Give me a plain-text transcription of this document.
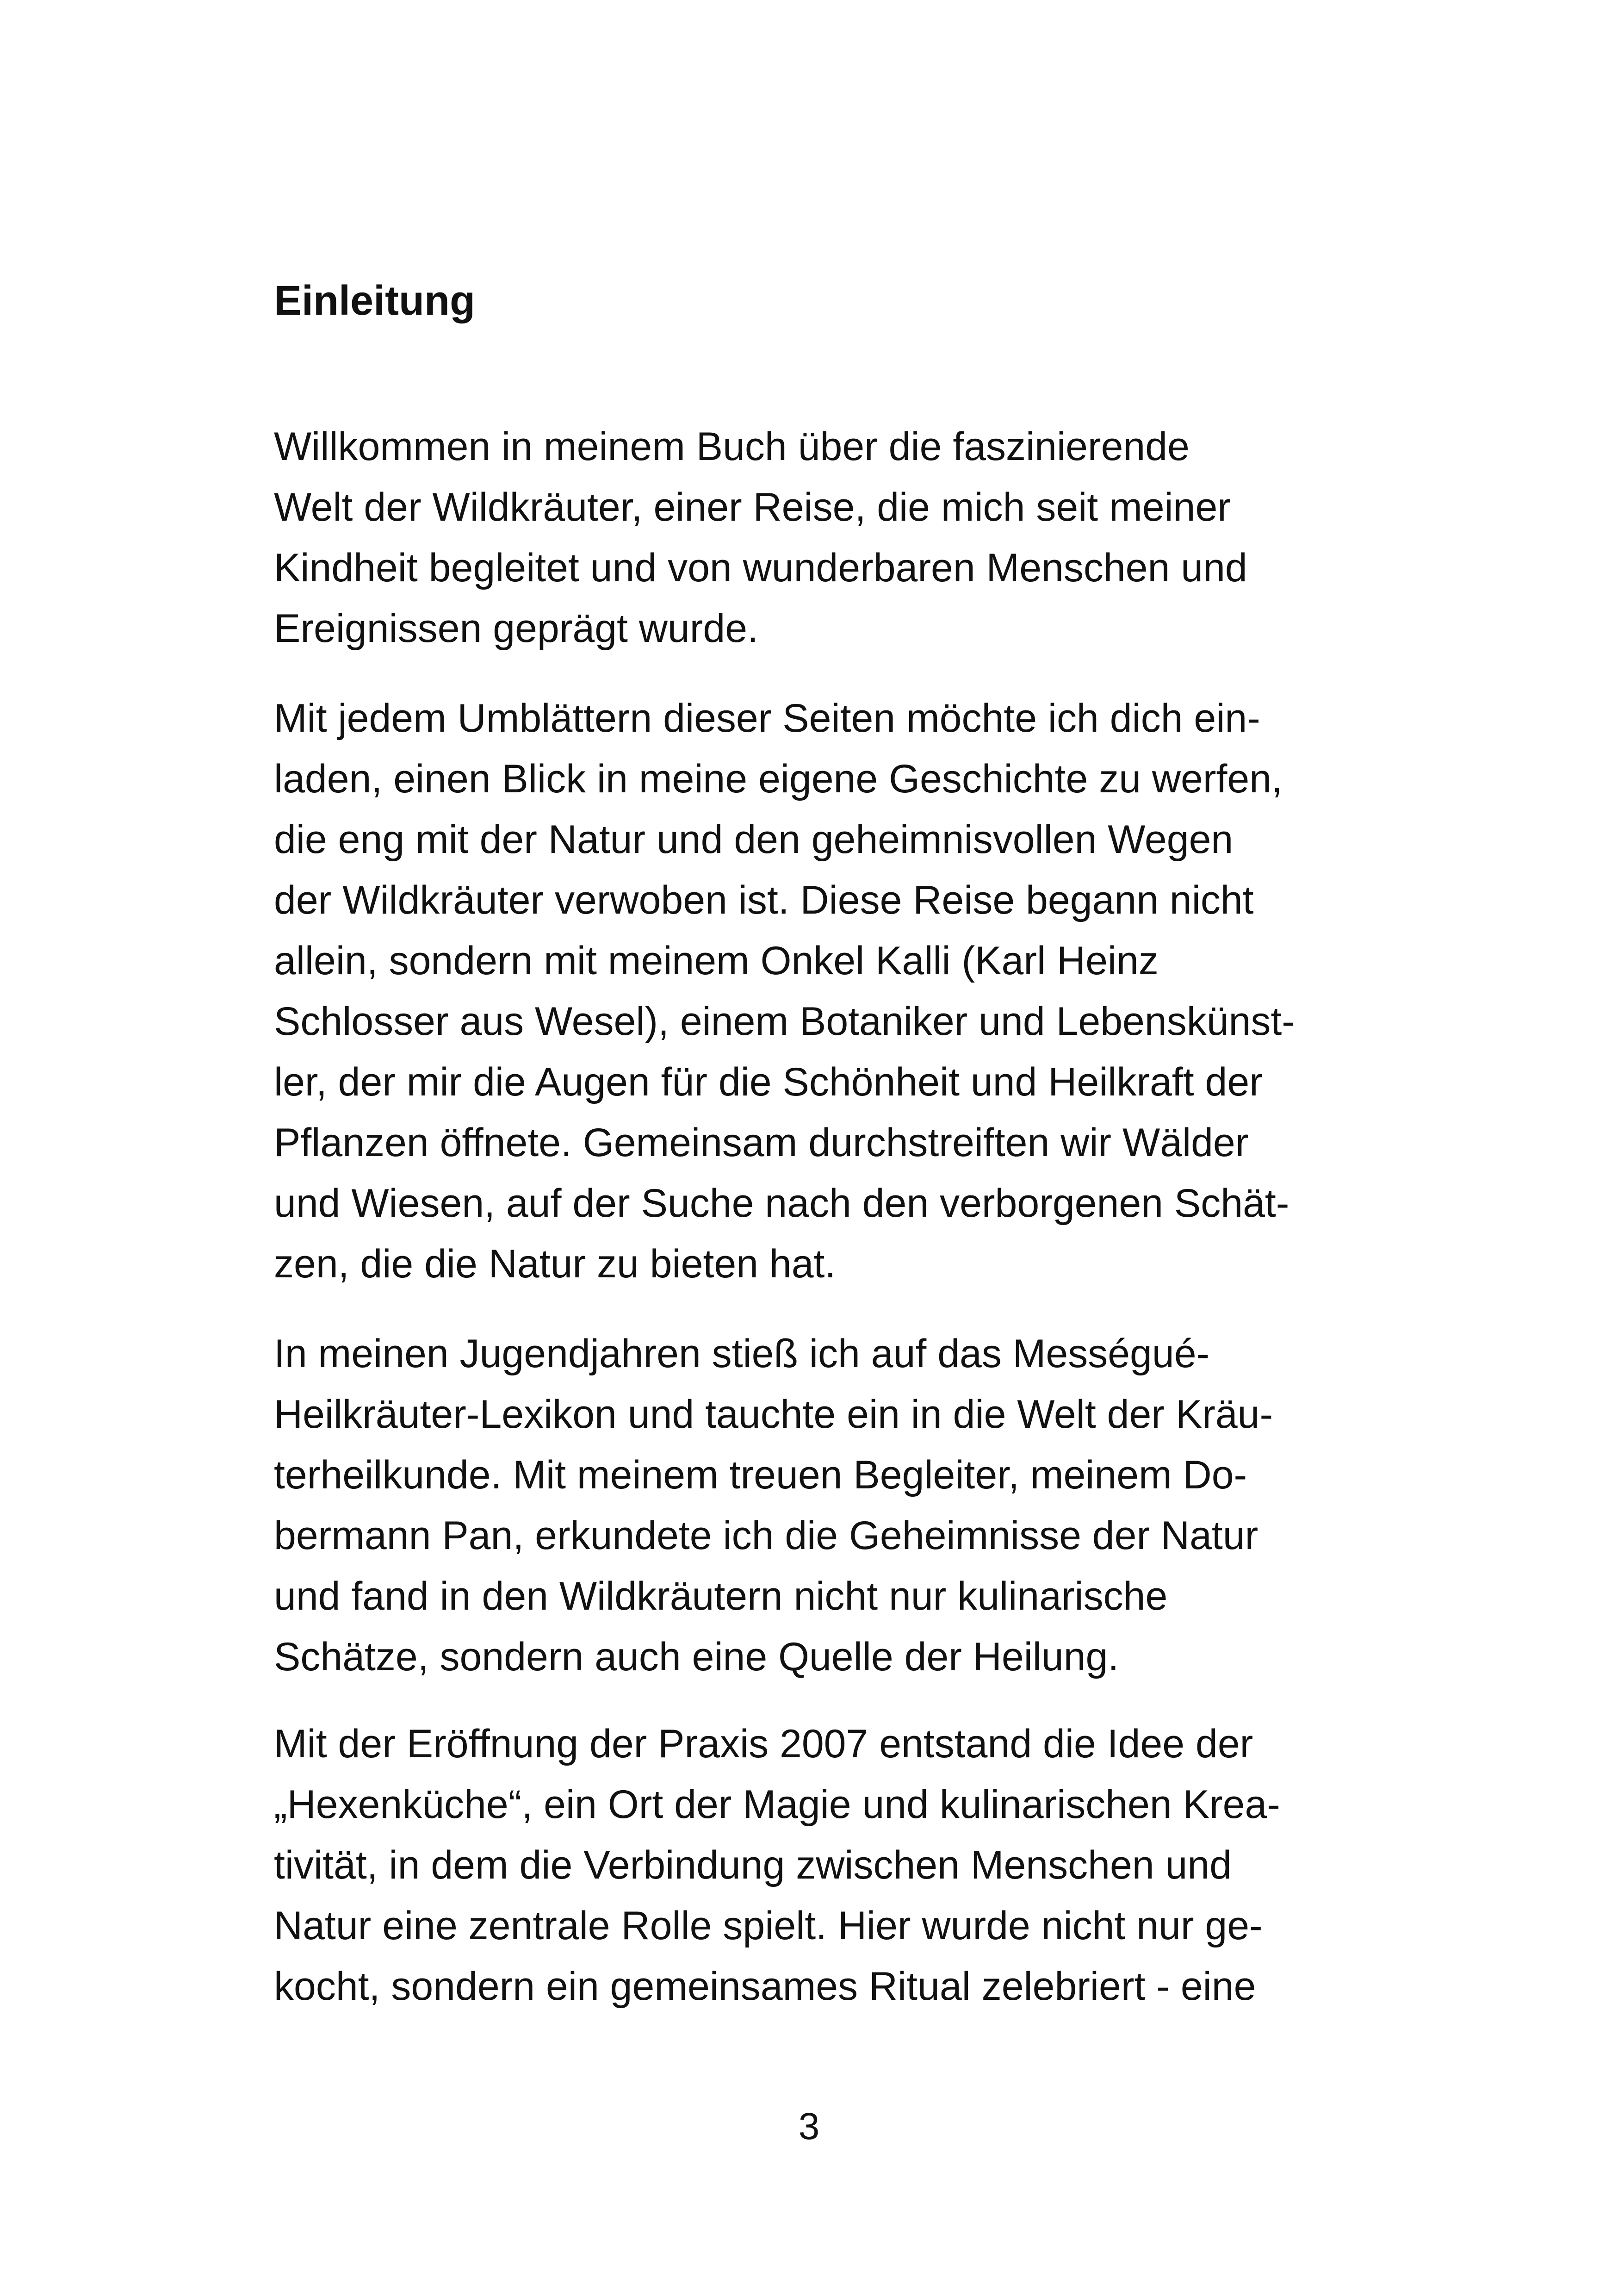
Einleitung

Willkommen in meinem Buch über die faszinierende
Welt der Wildkräuter, einer Reise, die mich seit meiner
Kindheit begleitet und von wunderbaren Menschen und
Ereignissen geprägt wurde.

Mit jedem Umblättern dieser Seiten möchte ich dich ein-
laden, einen Blick in meine eigene Geschichte zu werfen,
die eng mit der Natur und den geheimnisvollen Wegen
der Wildkräuter verwoben ist. Diese Reise begann nicht
allein, sondern mit meinem Onkel Kalli (Karl Heinz
Schlosser aus Wesel), einem Botaniker und Lebenskünst-
ler, der mir die Augen für die Schönheit und Heilkraft der
Pflanzen öffnete. Gemeinsam durchstreiften wir Wälder
und Wiesen, auf der Suche nach den verborgenen Schät-
zen, die die Natur zu bieten hat.

In meinen Jugendjahren stieß ich auf das Mességué-
Heilkräuter-Lexikon und tauchte ein in die Welt der Kräu-
terheilkunde. Mit meinem treuen Begleiter, meinem Do-
bermann Pan, erkundete ich die Geheimnisse der Natur
und fand in den Wildkräutern nicht nur kulinarische
Schätze, sondern auch eine Quelle der Heilung.

Mit der Eröffnung der Praxis 2007 entstand die Idee der
„Hexenküche“, ein Ort der Magie und kulinarischen Krea-
tivität, in dem die Verbindung zwischen Menschen und
Natur eine zentrale Rolle spielt. Hier wurde nicht nur ge-
kocht, sondern ein gemeinsames Ritual zelebriert - eine

3
